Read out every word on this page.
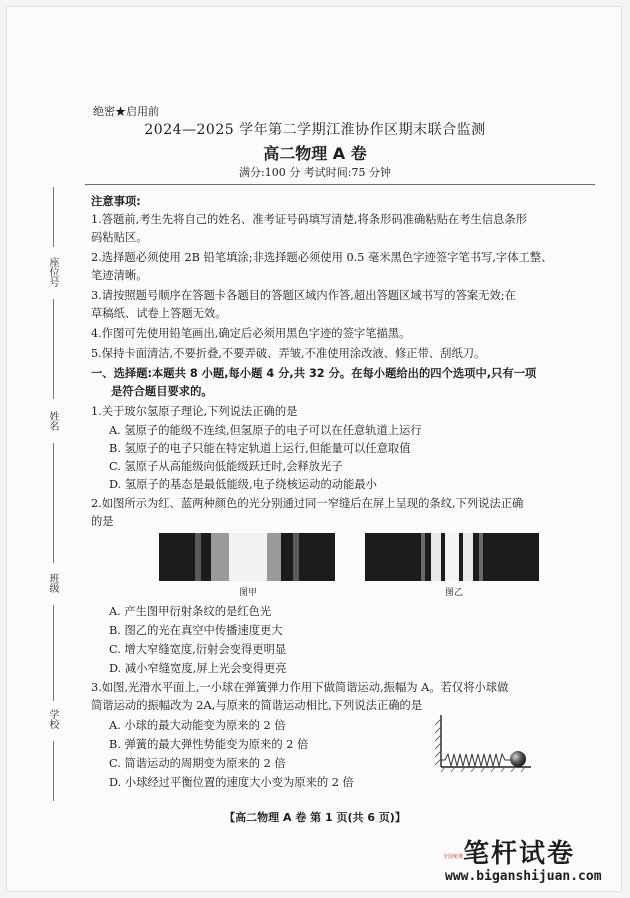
绝密★启用前
2024—2025 学年第二学期江淮协作区期末联合监测
高二物理 A 卷
满分:100 分 考试时间:75 分钟
座位号
姓名
班级
学校
注意事项:
1.答题前,考生先将自己的姓名、准考证号码填写清楚,将条形码准确粘贴在考生信息条形
码粘贴区。
2.选择题必须使用 2B 铅笔填涂;非选择题必须使用 0.5 毫米黑色字迹签字笔书写,字体工整、
笔迹清晰。
3.请按照题号顺序在答题卡各题目的答题区域内作答,超出答题区域书写的答案无效;在
草稿纸、试卷上答题无效。
4.作图可先使用铅笔画出,确定后必须用黑色字迹的签字笔描黑。
5.保持卡面清洁,不要折叠,不要弄破、弄皱,不准使用涂改液、修正带、刮纸刀。
一、选择题:本题共 8 小题,每小题 4 分,共 32 分。在每小题给出的四个选项中,只有一项
是符合题目要求的。
1.关于玻尔氢原子理论,下列说法正确的是
A. 氢原子的能级不连续,但氢原子的电子可以在任意轨道上运行
B. 氢原子的电子只能在特定轨道上运行,但能量可以任意取值
C. 氢原子从高能级向低能级跃迁时,会释放光子
D. 氢原子的基态是最低能级,电子绕核运动的动能最小
2.如图所示为红、蓝两种颜色的光分别通过同一窄缝后在屏上呈现的条纹,下列说法正确
的是
图甲	图乙
A. 产生图甲衍射条纹的是红色光
B. 图乙的光在真空中传播速度更大
C. 增大窄缝宽度,衍射会变得更明显
D. 减小窄缝宽度,屏上光会变得更亮
3.如图,光滑水平面上,一小球在弹簧弹力作用下做简谐运动,振幅为 A。若仅将小球做
简谐运动的振幅改为 2A,与原来的简谐运动相比,下列说法正确的是
A. 小球的最大动能变为原来的 2 倍
B. 弹簧的最大弹性势能变为原来的 2 倍
C. 简谐运动的周期变为原来的 2 倍
D. 小球经过平衡位置的速度大小变为原来的 2 倍
【高二物理 A 卷 第 1 页(共 6 页)】
笔杆试卷
全国免费
www.biganshijuan.com
